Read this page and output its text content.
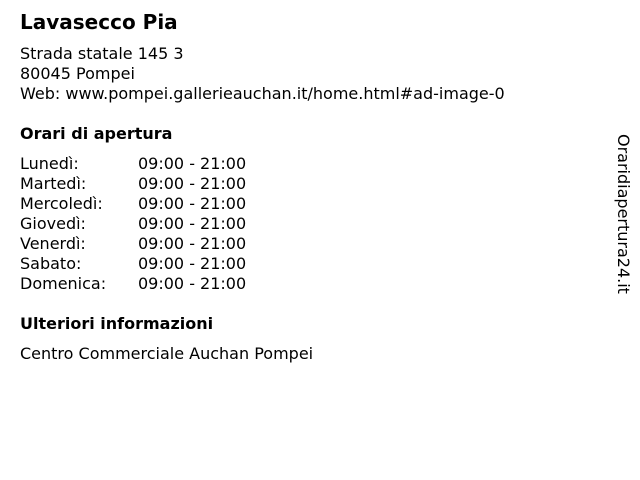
Lavasecco Pia
Strada statale 145 3
80045 Pompei
Web: www.pompei.gallerieauchan.it/home.html#ad-image-0
Orari di apertura
Lunedì:	09:00 - 21:00
Martedì:	09:00 - 21:00
Mercoledì: 09:00 - 21:00
Giovedì:	09:00 - 21:00
Venerdì:	09:00 - 21:00
Sabato:	09:00 - 21:00
Domenica: 09:00 - 21:00
Ulteriori informazioni
Centro Commerciale Auchan Pompei
Oraridiapertura24.it
